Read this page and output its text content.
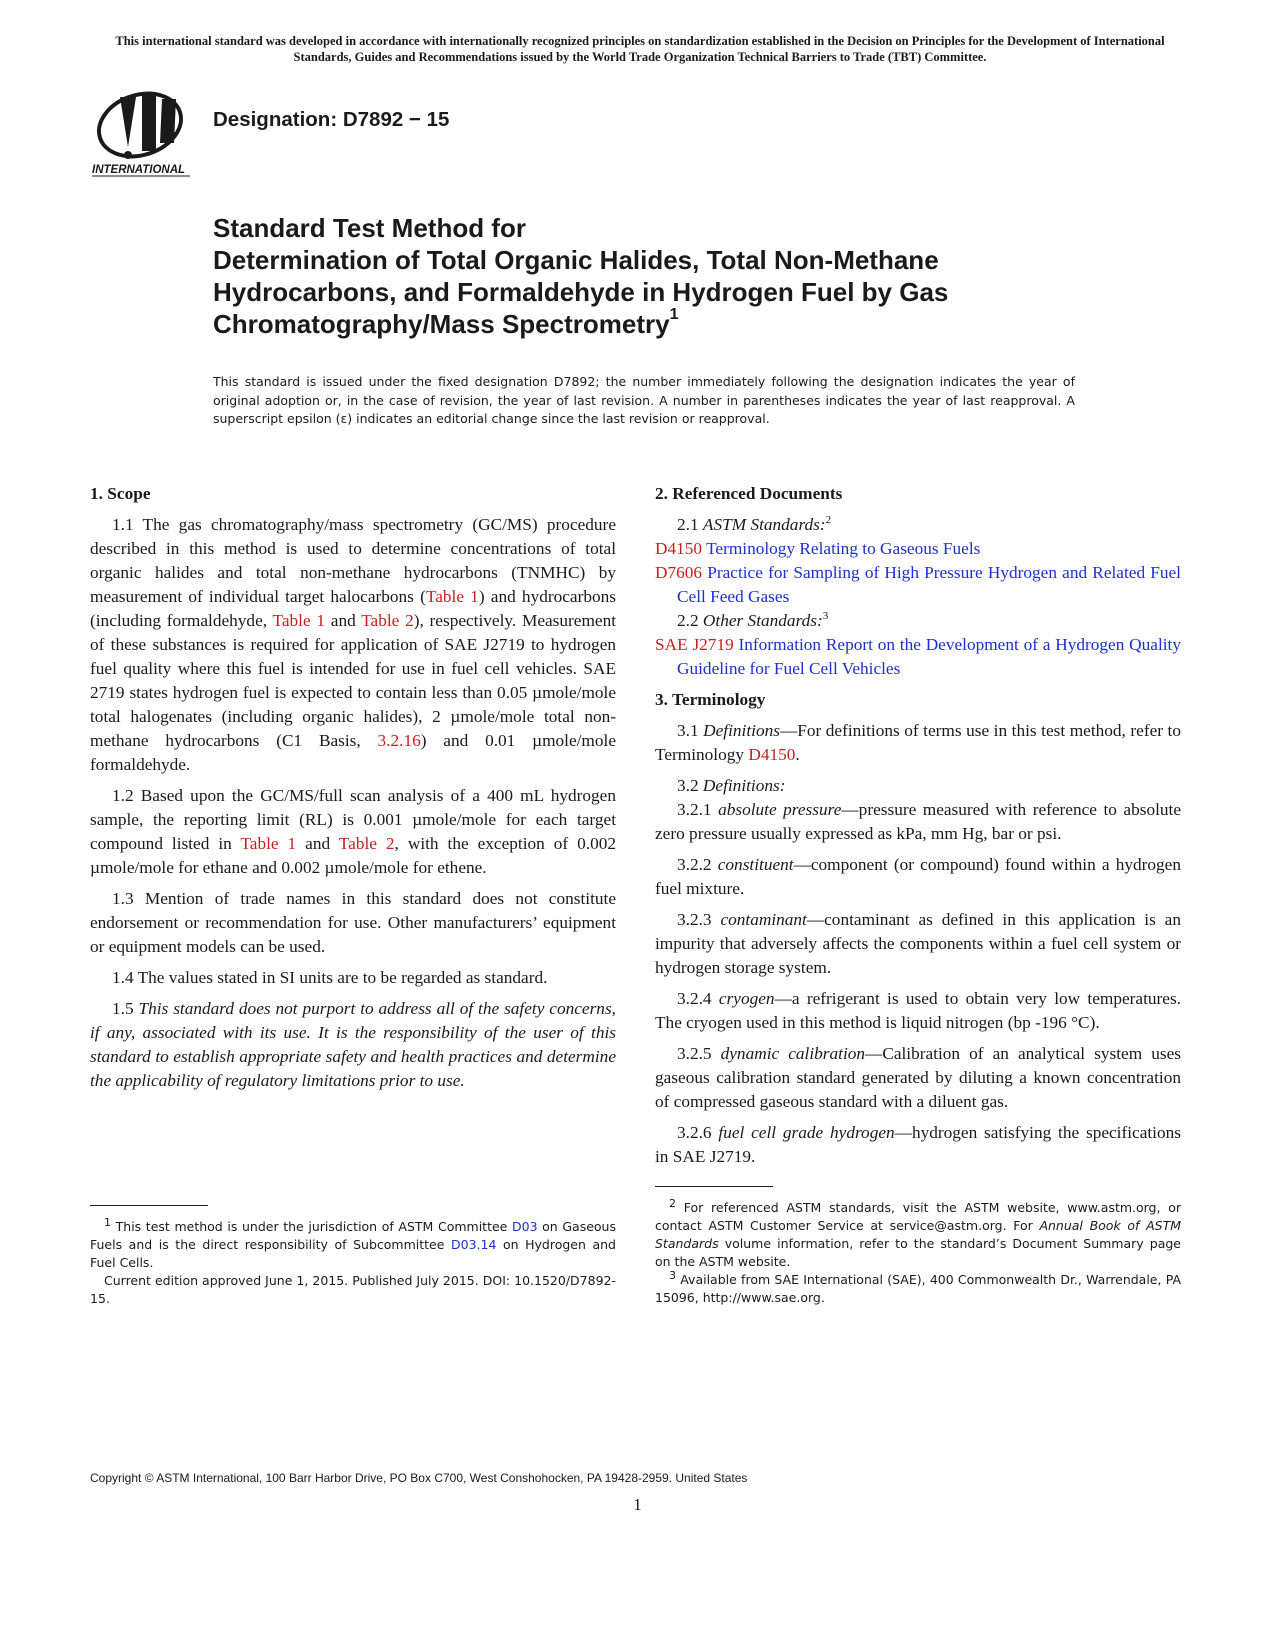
This international standard was developed in accordance with internationally recognized principles on standardization established in the Decision on Principles for the Development of International Standards, Guides and Recommendations issued by the World Trade Organization Technical Barriers to Trade (TBT) Committee.
INTERNATIONAL
Designation: D7892 − 15
Standard Test Method for
Determination of Total Organic Halides, Total Non-Methane
Hydrocarbons, and Formaldehyde in Hydrogen Fuel by Gas
Chromatography/Mass Spectrometry$^1$
This standard is issued under the fixed designation D7892; the number immediately following the designation indicates the year of original adoption or, in the case of revision, the year of last revision. A number in parentheses indicates the year of last reapproval. A superscript epsilon (ε) indicates an editorial change since the last revision or reapproval.
1. Scope

1.1 The gas chromatography/mass spectrometry (GC/MS) procedure described in this method is used to determine concentrations of total organic halides and total non-methane hydrocarbons (TNMHC) by measurement of individual target halocarbons (Table 1) and hydrocarbons (including formaldehyde, Table 1 and Table 2), respectively. Measurement of these substances is required for application of SAE J2719 to hydrogen fuel quality where this fuel is intended for use in fuel cell vehicles. SAE 2719 states hydrogen fuel is expected to contain less than 0.05 µmole/mole total halogenates (including organic halides), 2 µmole/mole total non-methane hydrocarbons (C1 Basis, 3.2.16) and 0.01 µmole/mole formaldehyde.

1.2 Based upon the GC/MS/full scan analysis of a 400 mL hydrogen sample, the reporting limit (RL) is 0.001 µmole/mole for each target compound listed in Table 1 and Table 2, with the exception of 0.002 µmole/mole for ethane and 0.002 µmole/mole for ethene.

1.3 Mention of trade names in this standard does not constitute endorsement or recommendation for use. Other manufacturers’ equipment or equipment models can be used.

1.4 The values stated in SI units are to be regarded as standard.

1.5 This standard does not purport to address all of the safety concerns, if any, associated with its use. It is the responsibility of the user of this standard to establish appropriate safety and health practices and determine the applicability of regulatory limitations prior to use.

2. Referenced Documents

2.1 ASTM Standards:$^2$

D4150 Terminology Relating to Gaseous Fuels
D7606 Practice for Sampling of High Pressure Hydrogen and Related Fuel Cell Feed Gases

2.2 Other Standards:$^3$

SAE J2719 Information Report on the Development of a Hydrogen Quality Guideline for Fuel Cell Vehicles
3. Terminology

3.1 Definitions—For definitions of terms use in this test method, refer to Terminology D4150.

3.2 Definitions:

3.2.1 absolute pressure—pressure measured with reference to absolute zero pressure usually expressed as kPa, mm Hg, bar or psi.

3.2.2 constituent—component (or compound) found within a hydrogen fuel mixture.

3.2.3 contaminant—contaminant as defined in this application is an impurity that adversely affects the components within a fuel cell system or hydrogen storage system.

3.2.4 cryogen—a refrigerant is used to obtain very low temperatures. The cryogen used in this method is liquid nitrogen (bp -196 °C).

3.2.5 dynamic calibration—Calibration of an analytical system uses gaseous calibration standard generated by diluting a known concentration of compressed gaseous standard with a diluent gas.

3.2.6 fuel cell grade hydrogen—hydrogen satisfying the specifications in SAE J2719.

$^1$ This test method is under the jurisdiction of ASTM Committee D03 on Gaseous Fuels and is the direct responsibility of Subcommittee D03.14 on Hydrogen and Fuel Cells.

Current edition approved June 1, 2015. Published July 2015. DOI: 10.1520/D7892-15.

$^2$ For referenced ASTM standards, visit the ASTM website, www.astm.org, or contact ASTM Customer Service at service@astm.org. For Annual Book of ASTM Standards volume information, refer to the standard’s Document Summary page on the ASTM website.

$^3$ Available from SAE International (SAE), 400 Commonwealth Dr., Warrendale, PA 15096, http://www.sae.org.

Copyright © ASTM International, 100 Barr Harbor Drive, PO Box C700, West Conshohocken, PA 19428-2959. United States
1
